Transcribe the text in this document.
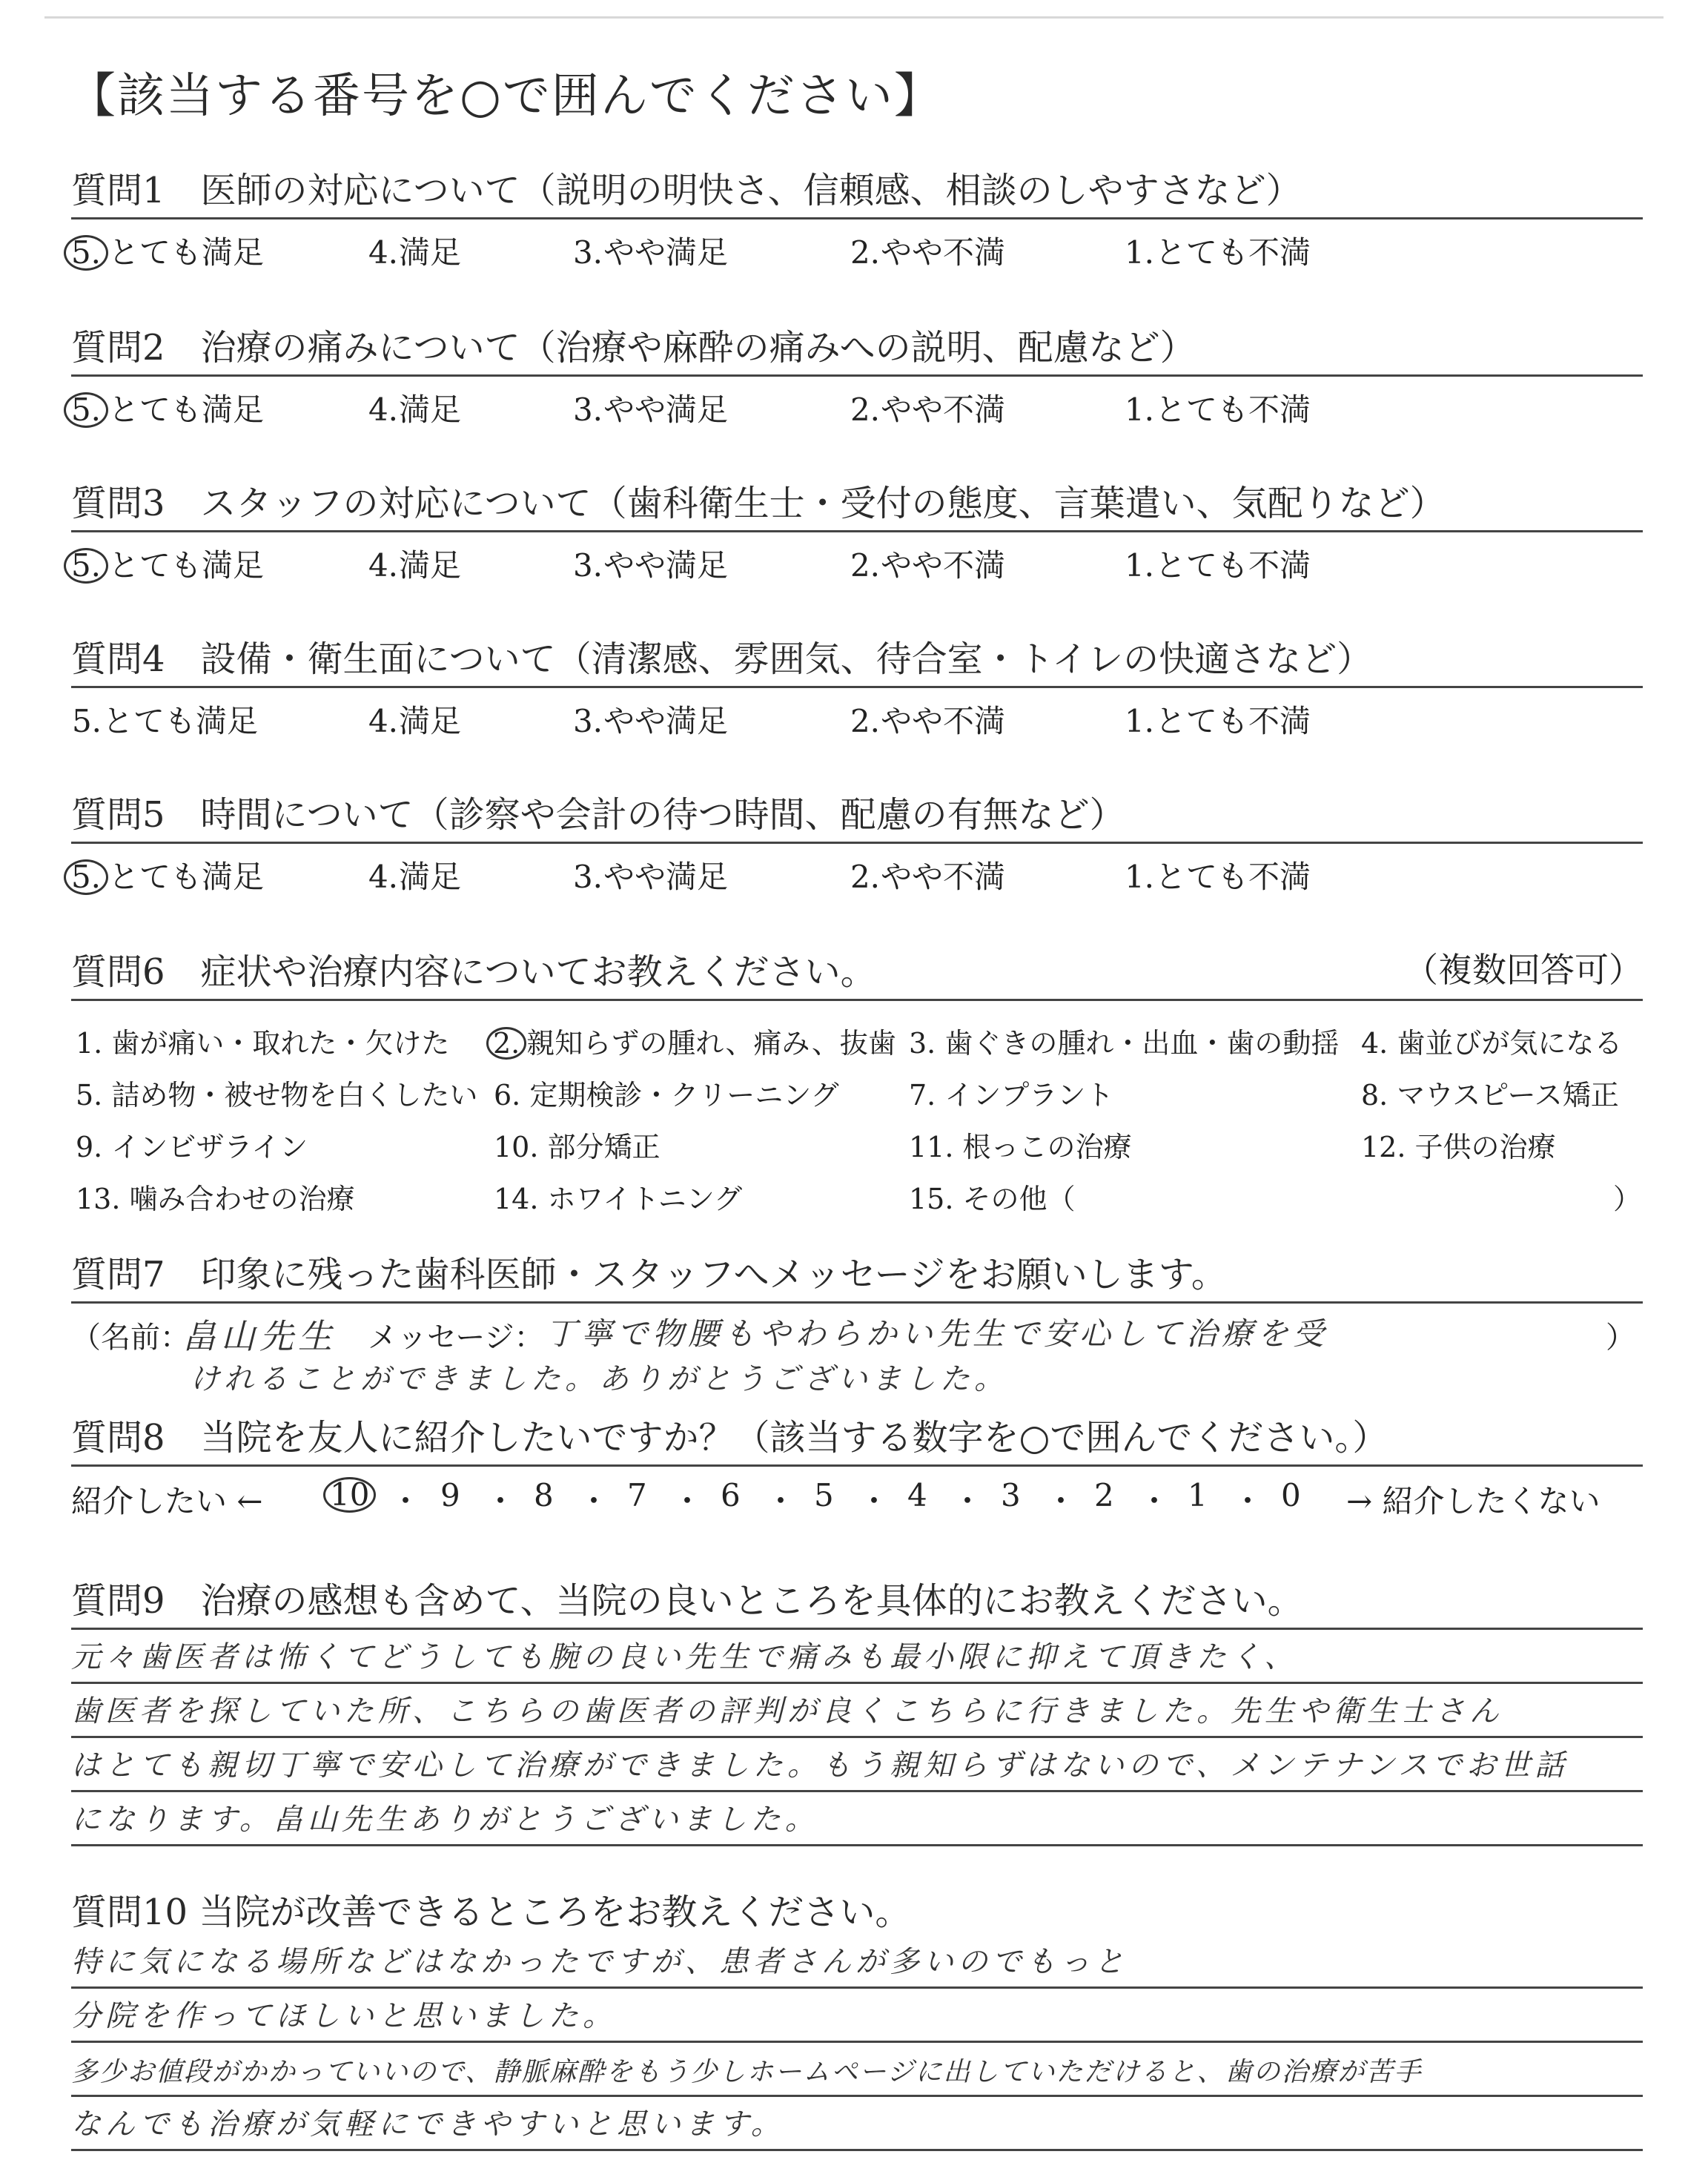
【該当する番号を○で囲んでください】
質問1　医師の対応について（説明の明快さ、信頼感、相談のしやすさなど）
5. とても満足	4.満足	3.やや満足	2.やや不満	1.とても不満
質問2　治療の痛みについて（治療や麻酔の痛みへの説明、配慮など）
5. とても満足	4.満足	3.やや満足	2.やや不満	1.とても不満
質問3　スタッフの対応について（歯科衛生士・受付の態度、言葉遣い、気配りなど）
5. とても満足	4.満足	3.やや満足	2.やや不満	1.とても不満
質問4　設備・衛生面について（清潔感、雰囲気、待合室・トイレの快適さなど）
5.とても満足	4.満足	3.やや満足	2.やや不満	1.とても不満
質問5　時間について（診察や会計の待つ時間、配慮の有無など）
5. とても満足	4.満足	3.やや満足	2.やや不満	1.とても不満
質問6　症状や治療内容についてお教えください。	（複数回答可）
1. 歯が痛い・取れた・欠けた 2. 親知らずの腫れ、痛み、抜歯 3. 歯ぐきの腫れ・出血・歯の動揺 4. 歯並びが気になる
5. 詰め物・被せ物を白くしたい 6. 定期検診・クリーニング 7. インプラント	8. マウスピース矯正
9. インビザライン	10. 部分矯正	11. 根っこの治療	12. 子供の治療
13. 噛み合わせの治療	14. ホワイトニング	15. その他（	）
質問7　印象に残った歯科医師・スタッフへメッセージをお願いします。
（名前：
畠山先生 メッセージ： 丁寧で物腰もやわらかい先生で安心して治療を受	）
けれることができました。ありがとうございました。
質問8　当院を友人に紹介したいですか？（該当する数字を○で囲んでください。）
紹介したい ← 10 ・ 9 ・ 8 ・ 7 ・ 6 ・ 5 ・ 4 ・ 3 ・ 2 ・ 1 ・ 0 → 紹介したくない
質問9　治療の感想も含めて、当院の良いところを具体的にお教えください。
元々歯医者は怖くてどうしても腕の良い先生で痛みも最小限に抑えて頂きたく、
歯医者を探していた所、こちらの歯医者の評判が良くこちらに行きました。先生や衛生士さん
はとても親切丁寧で安心して治療ができました。もう親知らずはないので、メンテナンスでお世話
になります。畠山先生ありがとうございました。
質問10 当院が改善できるところをお教えください。
特に気になる場所などはなかったですが、患者さんが多いのでもっと
分院を作ってほしいと思いました。
多少お値段がかかっていいので、静脈麻酔をもう少しホームページに出していただけると、歯の治療が苦手
なんでも治療が気軽にできやすいと思います。
